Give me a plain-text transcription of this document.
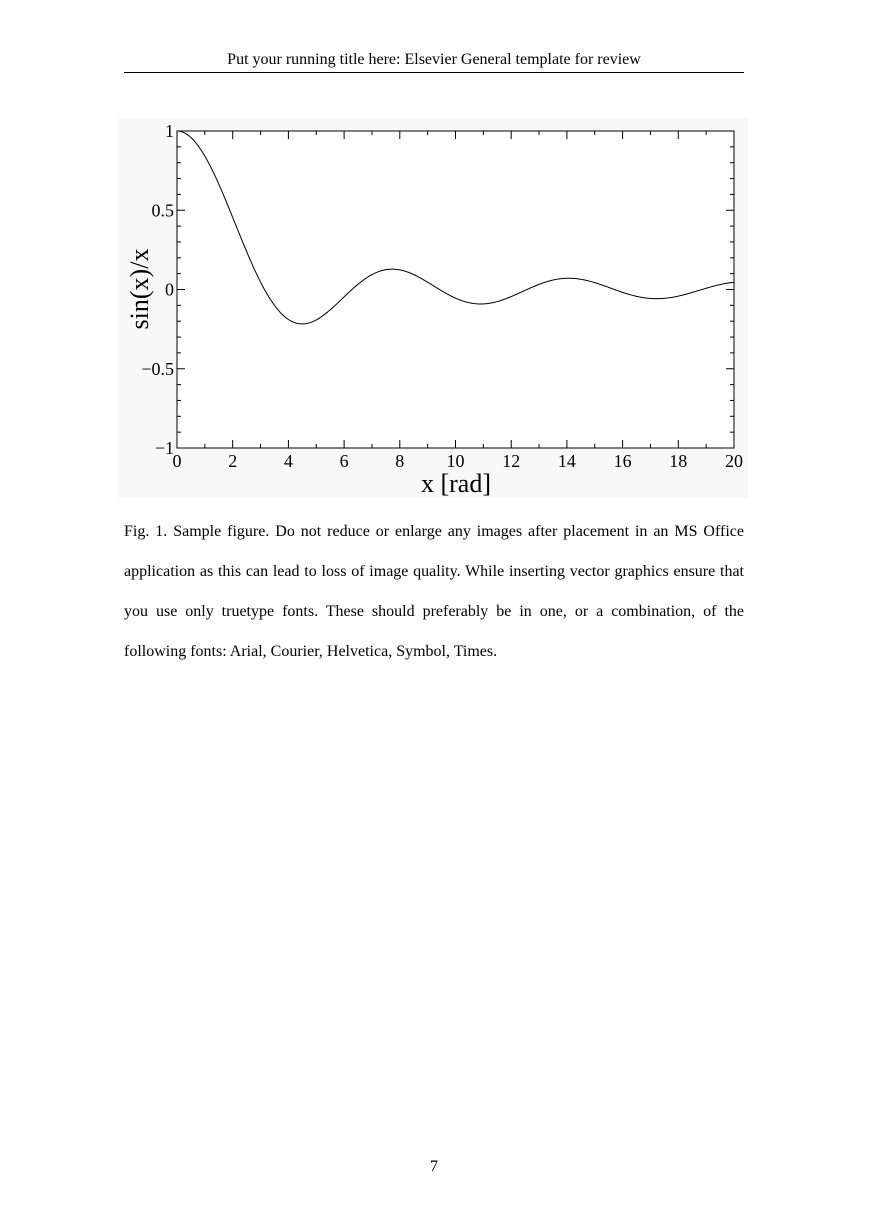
Put your running title here: Elsevier General template for review
0	2	4	6	8 10 12 14 16 18 20
1
0.5
0
−0.5
−1
x [rad]
sin(x)/x

Fig. 1. Sample figure. Do not reduce or enlarge any images after placement in an MS Office application as this can lead to loss of image quality. While inserting vector graphics ensure that you use only truetype fonts. These should preferably be in one, or a combination, of the following fonts: Arial, Courier, Helvetica, Symbol, Times.

7
